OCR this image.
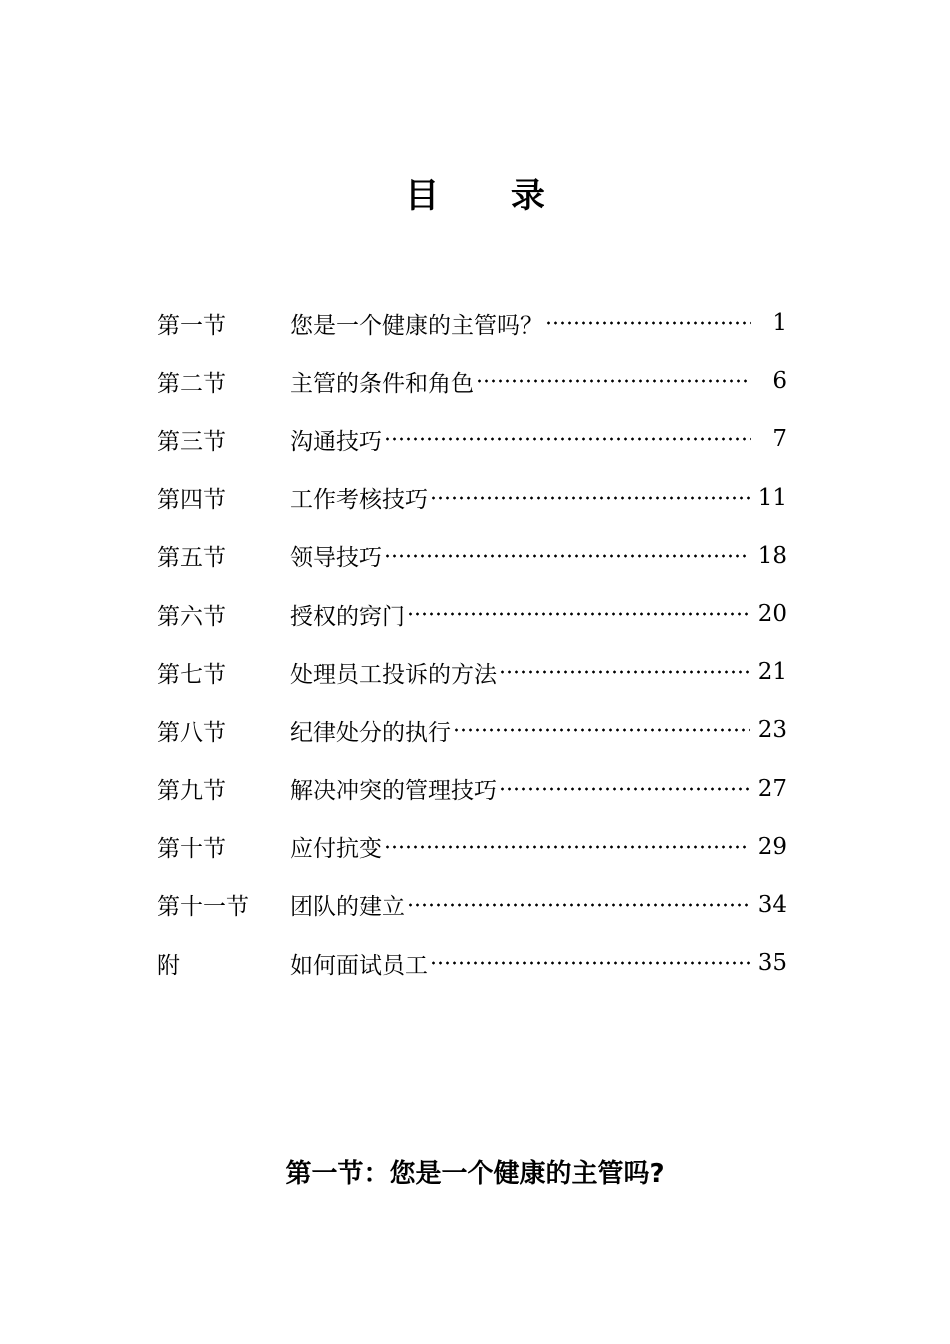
目 录
第一节	您是一个健康的主管吗？	1
第二节	主管的条件和角色	6
第三节	沟通技巧	7
第四节	工作考核技巧	11
第五节	领导技巧	18
第六节	授权的窍门	20
第七节	处理员工投诉的方法	21
第八节	纪律处分的执行	23
第九节	解决冲突的管理技巧	27
第十节	应付抗变	29
第十一节	团队的建立	34
附	如何面试员工	35
第一节：您是一个健康的主管吗?
